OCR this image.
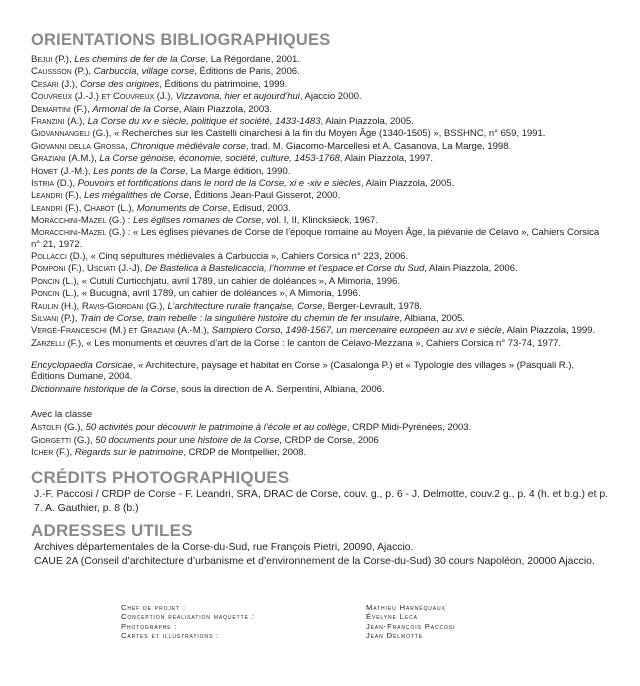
ORIENTATIONS BIBLIOGRAPHIQUES
Bejui (P.), Les chemins de fer de la Corse, La Régordane, 2001.
Caussson (P.), Carbuccia, village corse, Éditions de Paris, 2006.
Cesari (J.), Corse des origines, Éditions du patrimoine, 1999.
Couvreux (J.-J.) et Couvreux (J.), Vizzavona, hier et aujourd’hui, Ajaccio 2000.
Demartini (F.), Armorial de la Corse, Alain Piazzola, 2003.
Franzini (A.), La Corse du xv e siècle, politique et société, 1433-1483, Alain Piazzola, 2005.
Giovannangeli (G.), « Recherches sur les Castelli cinarchesi à la fin du Moyen Âge (1340-1505) », BSSHNC, n° 659, 1991.
Giovanni della Grossa, Chronique médiévale corse, trad. M. Giacomo-Marcellesi et A. Casanova, La Marge, 1998.
Graziani (A.M.), La Corse génoise, économie, société, culture, 1453-1768, Alain Piazzola, 1997.
Homet (J.-M.), Les ponts de la Corse, La Marge édition, 1990.
Istria (D.), Pouvoirs et fortifications dans le nord de la Corse, xi e -xiv e siècles, Alain Piazzola, 2005.
Leandri (F.), Les mégalithes de Corse, Éditions Jean-Paul Gisserot, 2000.
Leandri (F.), Chabot (L.), Monuments de Corse, Edisud, 2003.
Moracchini-Mazel (G.) : Les églises romanes de Corse, vol. I, II, Klincksieck, 1967.
Moracchini-Mazel (G.) : « Les églises piévanes de Corse de l’époque romaine au Moyen Âge, la piévanie de Celavo », Cahiers Corsica n° 21, 1972.
Pollacci (D.), « Cinq sépultures médiévales à Carbuccia », Cahiers Corsica n° 223, 2006.
Pomponi (F.), Usciati (J.-J), De Bastelica à Bastelicaccia, l’homme et l’espace et Corse du Sud, Alain Piazzola, 2006.
Poncin (L.), « Cutuli Curticchjatu, avril 1789, un cahier de doléances », A Mimoria, 1996.
Poncin (L.), « Bucugnà, avril 1789, un cahier de doléances », A Mimoria, 1996.
Raulin (H.), Ravis-Giordani (G.), L’architecture rurale française, Corse, Berger-Levrault, 1978.
Silvani (P.), Train de Corse, train rebelle : la singulière histoire du chemin de fer insulaire, Albiana, 2005.
Vergé-Franceschi (M.) et Graziani (A.-M.), Sampiero Corso, 1498-1567, un mercenaire européen au xvi e siècle, Alain Piazzola, 1999.
Zarzelli (F.), « Les monuments et œuvres d’art de la Corse : le canton de Celavo-Mezzana », Cahiers Corsica n° 73-74, 1977.
Encyclopaedia Corsicae, « Architecture, paysage et habitat en Corse » (Casalonga P.) et « Typologie des villages » (Pasquali R.), Éditions Dumane, 2004.
Dictionnaire historique de la Corse, sous la direction de A. Serpentini, Albiana, 2006.
Avec la classe
Astolfi (G.), 50 activités pour découvrir le patrimoine à l’école et au collège, CRDP Midi-Pyrénées, 2003.
Giorgetti (G.), 50 documents pour une histoire de la Corse, CRDP de Corse, 2006
Icher (F.), Regards sur le patrimoine, CRDP de Montpellier, 2008.
CRÉDITS PHOTOGRAPHIQUES

J.-F. Paccosi / CRDP de Corse - F. Leandri, SRA, DRAC de Corse, couv. g., p. 6 - J. Delmotte, couv.2 g., p. 4 (h. et b.g.) et p. 7. A. Gauthier, p. 8 (b.)

ADRESSES UTILES
Archives départementales de la Corse-du-Sud, rue François Pietri, 20090, Ajaccio.
CAUE 2A (Conseil d’architecture d’urbanisme et d’environnement de la Corse-du-Sud) 30 cours Napoléon, 20000 Ajaccio.
Chef de projet :	Mathieu Harnéquaux
Conception réalisation maquette :	Évelyne Leca
Photographe :	Jean-François Paccosi
Cartes et illustrations :	Jean Delmotte
